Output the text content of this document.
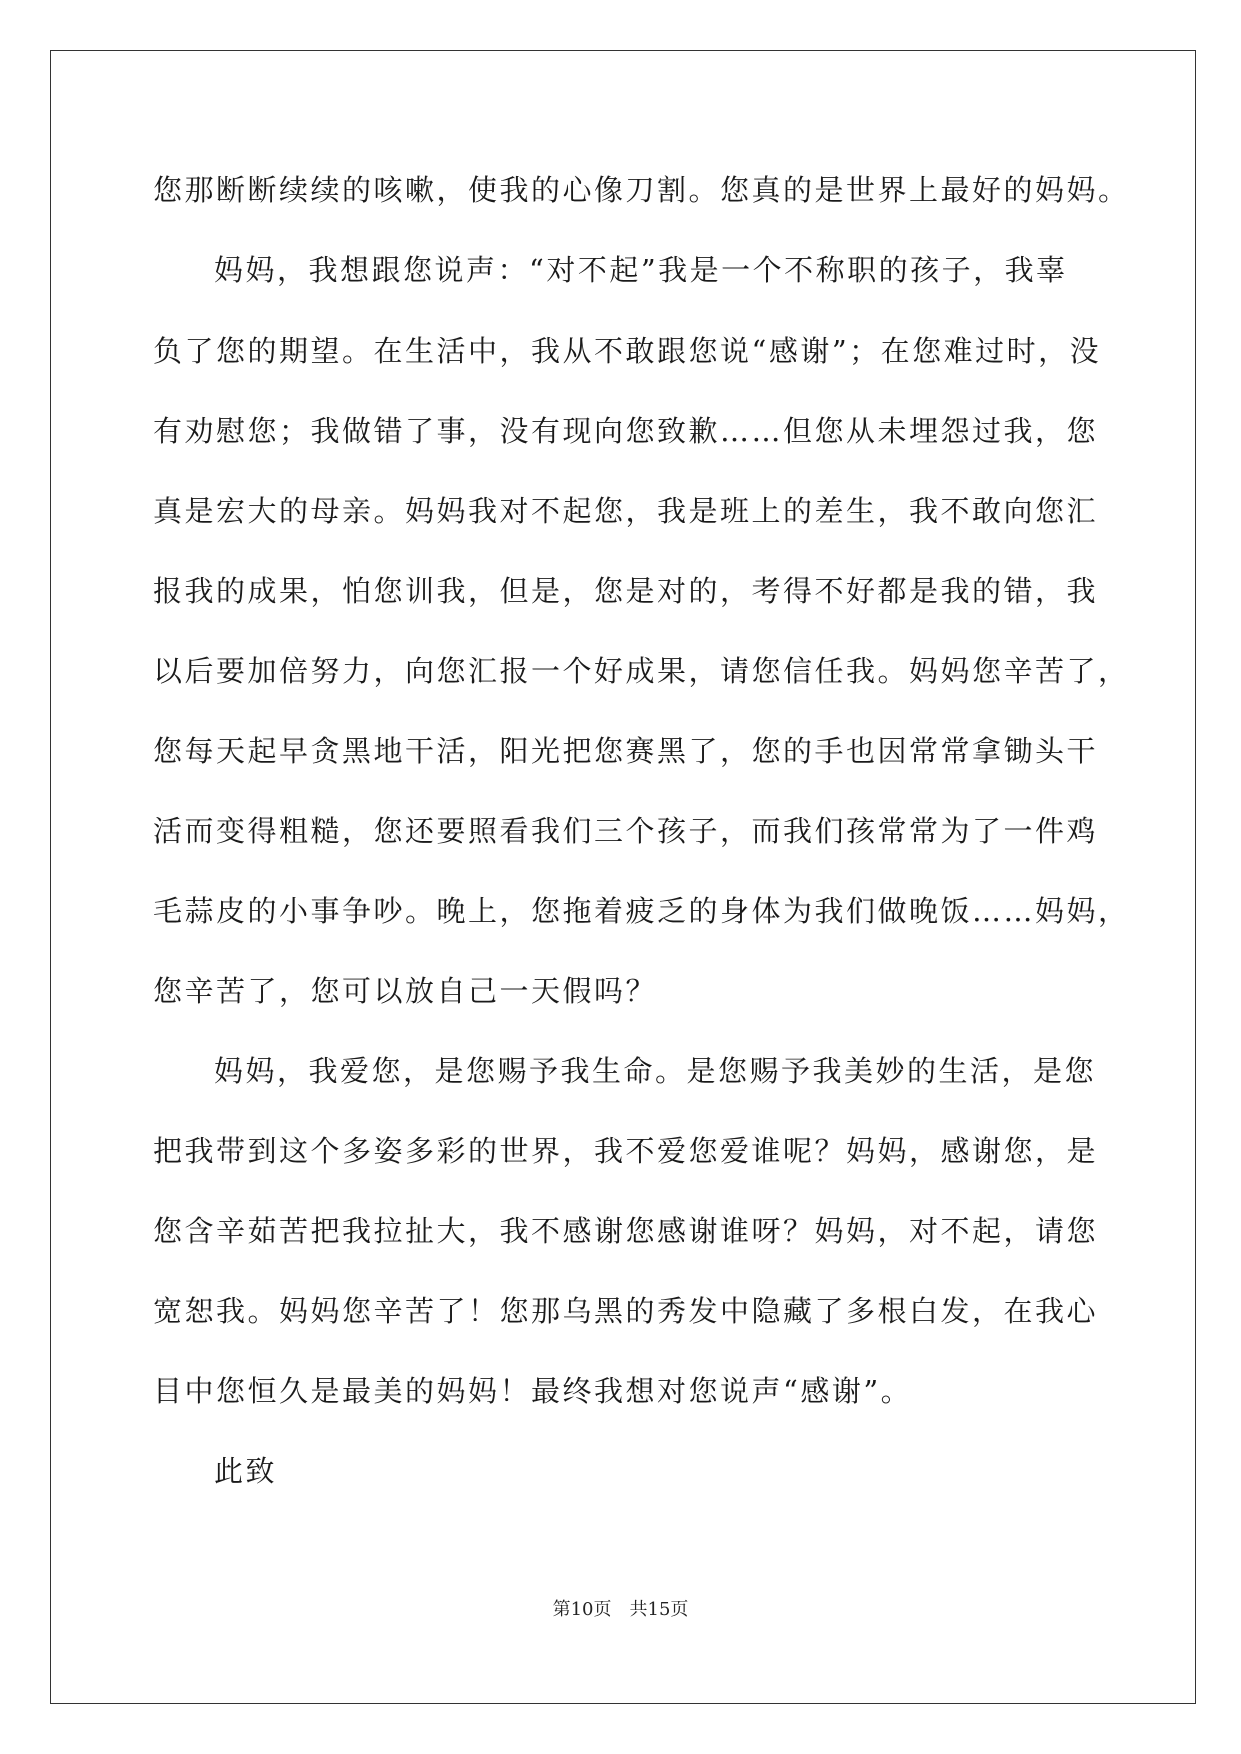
您那断断续续的咳嗽，使我的心像刀割。您真的是世界上最好的妈妈。
妈妈，我想跟您说声：“对不起”我是一个不称职的孩子，我辜
负了您的期望。在生活中，我从不敢跟您说“感谢”；在您难过时，没
有劝慰您；我做错了事，没有现向您致歉……但您从未埋怨过我，您
真是宏大的母亲。妈妈我对不起您，我是班上的差生，我不敢向您汇
报我的成果，怕您训我，但是，您是对的，考得不好都是我的错，我
以后要加倍努力，向您汇报一个好成果，请您信任我。妈妈您辛苦了，
您每天起早贪黑地干活，阳光把您赛黑了，您的手也因常常拿锄头干
活而变得粗糙，您还要照看我们三个孩子，而我们孩常常为了一件鸡
毛蒜皮的小事争吵。晚上，您拖着疲乏的身体为我们做晚饭……妈妈，
您辛苦了，您可以放自己一天假吗？
妈妈，我爱您，是您赐予我生命。是您赐予我美妙的生活，是您
把我带到这个多姿多彩的世界，我不爱您爱谁呢？妈妈，感谢您，是
您含辛茹苦把我拉扯大，我不感谢您感谢谁呀？妈妈，对不起，请您
宽恕我。妈妈您辛苦了！您那乌黑的秀发中隐藏了多根白发，在我心
目中您恒久是最美的妈妈！最终我想对您说声“感谢”。
此致
第10页　共15页
